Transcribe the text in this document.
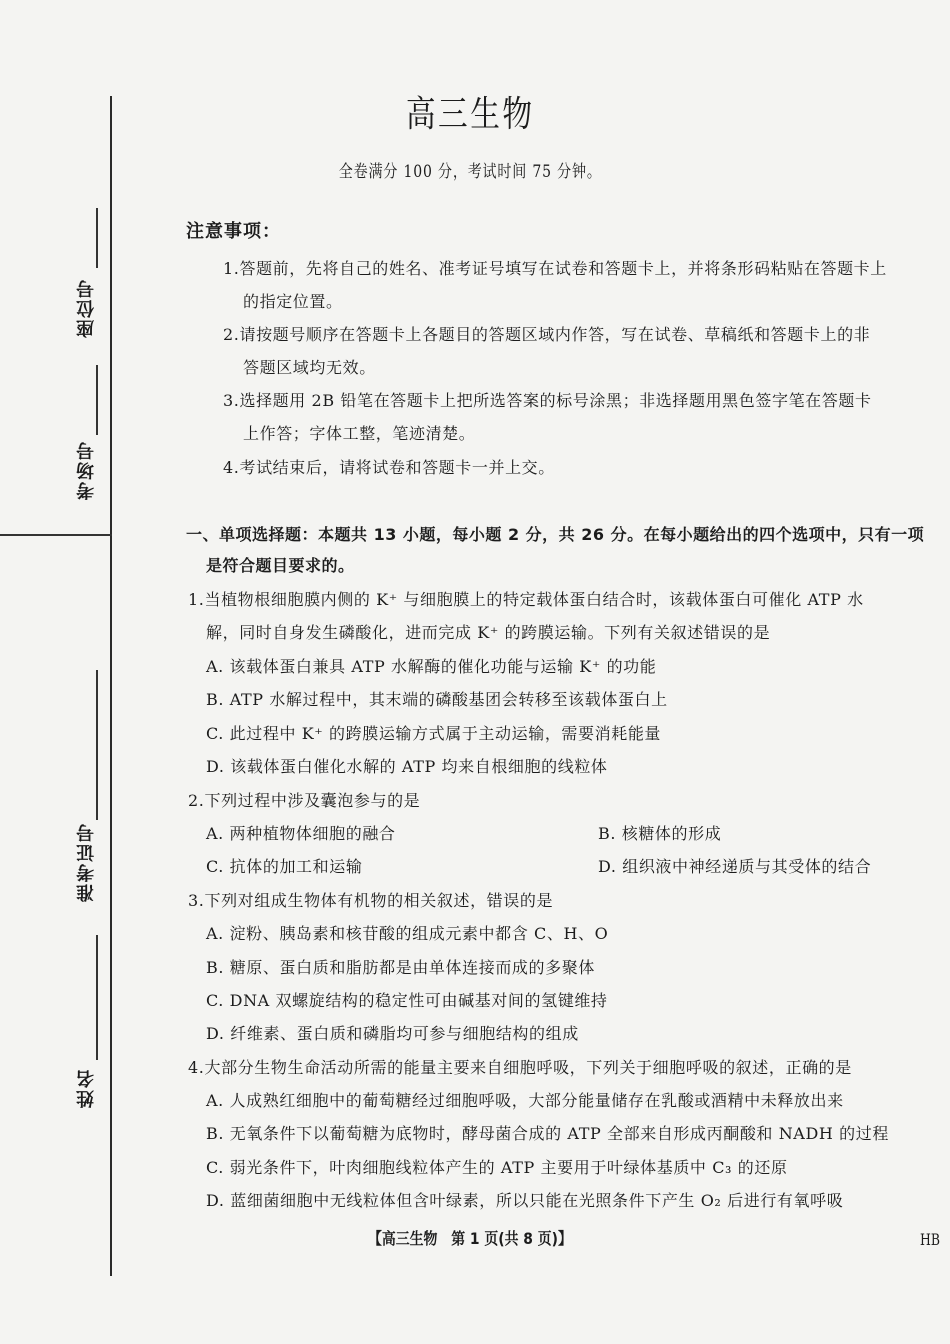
座位号
考场号
准考证号
姓名
高三生物
全卷满分 100 分，考试时间 75 分钟。
注意事项：
1.答题前，先将自己的姓名、准考证号填写在试卷和答题卡上，并将条形码粘贴在答题卡上
的指定位置。
2.请按题号顺序在答题卡上各题目的答题区域内作答，写在试卷、草稿纸和答题卡上的非
答题区域均无效。
3.选择题用 2B 铅笔在答题卡上把所选答案的标号涂黑；非选择题用黑色签字笔在答题卡
上作答；字体工整，笔迹清楚。
4.考试结束后，请将试卷和答题卡一并上交。
一、单项选择题：本题共 13 小题，每小题 2 分，共 26 分。在每小题给出的四个选项中，只有一项
是符合题目要求的。
1.当植物根细胞膜内侧的 K⁺ 与细胞膜上的特定载体蛋白结合时，该载体蛋白可催化 ATP 水
解，同时自身发生磷酸化，进而完成 K⁺ 的跨膜运输。下列有关叙述错误的是
A. 该载体蛋白兼具 ATP 水解酶的催化功能与运输 K⁺ 的功能
B. ATP 水解过程中，其末端的磷酸基团会转移至该载体蛋白上
C. 此过程中 K⁺ 的跨膜运输方式属于主动运输，需要消耗能量
D. 该载体蛋白催化水解的 ATP 均来自根细胞的线粒体
2.下列过程中涉及囊泡参与的是
A. 两种植物体细胞的融合	B. 核糖体的形成
C. 抗体的加工和运输	D. 组织液中神经递质与其受体的结合
3.下列对组成生物体有机物的相关叙述，错误的是
A. 淀粉、胰岛素和核苷酸的组成元素中都含 C、H、O
B. 糖原、蛋白质和脂肪都是由单体连接而成的多聚体
C. DNA 双螺旋结构的稳定性可由碱基对间的氢键维持
D. 纤维素、蛋白质和磷脂均可参与细胞结构的组成
4.大部分生物生命活动所需的能量主要来自细胞呼吸，下列关于细胞呼吸的叙述，正确的是
A. 人成熟红细胞中的葡萄糖经过细胞呼吸，大部分能量储存在乳酸或酒精中未释放出来
B. 无氧条件下以葡萄糖为底物时，酵母菌合成的 ATP 全部来自形成丙酮酸和 NADH 的过程
C. 弱光条件下，叶肉细胞线粒体产生的 ATP 主要用于叶绿体基质中 C₃ 的还原
D. 蓝细菌细胞中无线粒体但含叶绿素，所以只能在光照条件下产生 O₂ 后进行有氧呼吸
【高三生物　第 1 页(共 8 页)】	HB
